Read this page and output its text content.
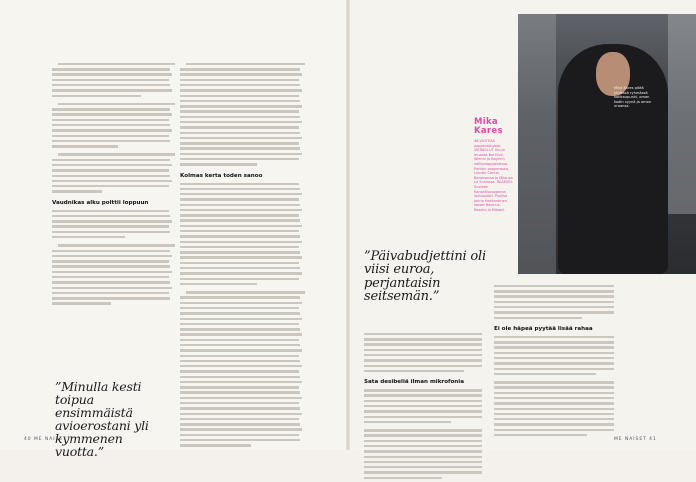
Vaudnikas alku polttii loppuun
Kolmas kerta toden sanoo
”Minulla kesti toipua ensimmäistä avioerostani yli kymmenen vuotta.”
40 ME NAISET
Mika Kares pitää yhdessä ryhmässä kotikaupunki, oman kodin syynä ja oman uraansa.
Mika Kares
46-VUOTIAS oopperalaulaja. VIERAILLUT muun muassa Berliinin, Wienin ja Bayerin valtionoppperoissa, Pariisin oopperassa, Lincoln Center Baraksessa ja Milanon La Scalassa. RÄÄMIS:t Suomen Kansallisoopperan laulusolisti. Puoliso Jonna Hakkarainen, lapset Rasmus, Rosalie ja Mikaeli.
”Päivabudjettini oli viisi euroa, perjantaisin seitsemän.”
Sata desibeliä ilman mikrofonia
Ei ole häpeä pyytää lisää rahaa
ME NAISET 41
